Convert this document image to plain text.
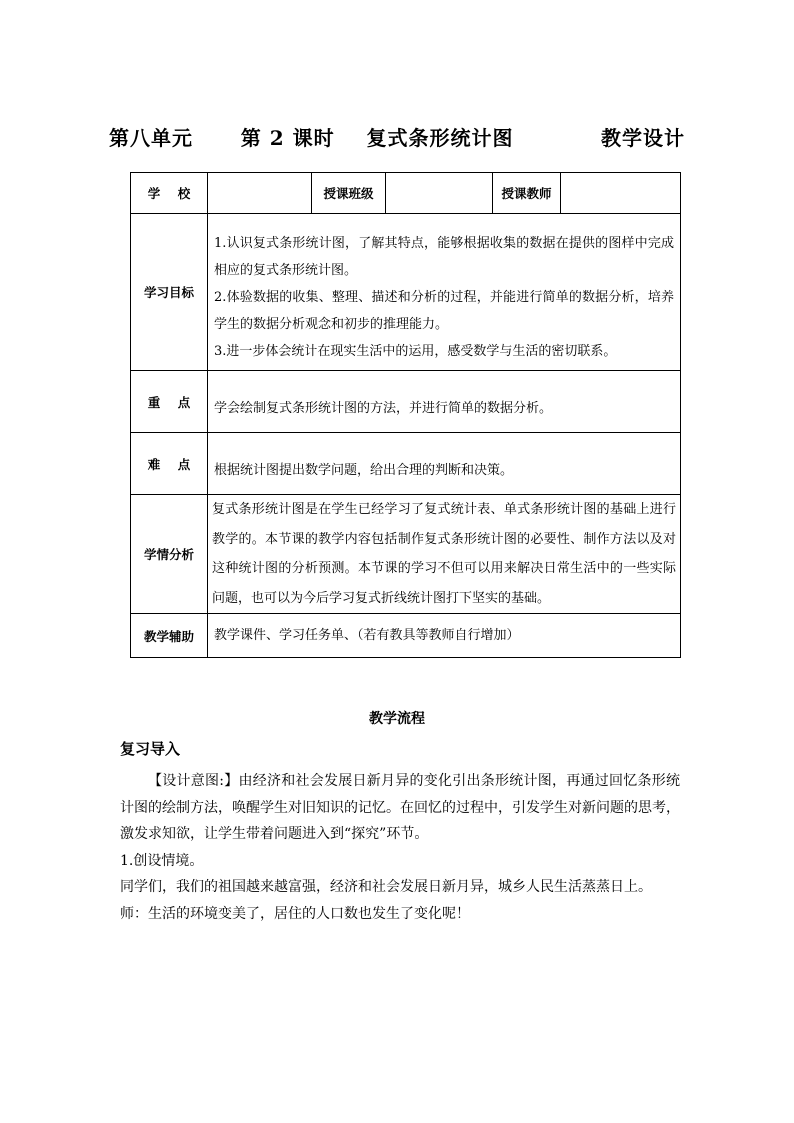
第八单元      第 2 课时    复式条形统计图           教学设计
学    校		授课班级		授课教师	
学习目标	1.认识复式条形统计图，了解其特点，能够根据收集的数据在提供的图样中完成相应的复式条形统计图。

2.体验数据的收集、整理、描述和分析的过程，并能进行简单的数据分析，培养学生的数据分析观念和初步的推理能力。

3.进一步体会统计在现实生活中的运用，感受数学与生活的密切联系。				

重    点	学会绘制复式条形统计图的方法，并进行简单的数据分析。				

难    点	根据统计图提出数学问题，给出合理的判断和决策。				

学情分析	复式条形统计图是在学生已经学习了复式统计表、单式条形统计图的基础上进行教学的。本节课的教学内容包括制作复式条形统计图的必要性、制作方法以及对这种统计图的分析预测。本节课的学习不但可以用来解决日常生活中的一些实际问题，也可以为今后学习复式折线统计图打下坚实的基础。				

教学辅助	教学课件、学习任务单、（若有教具等教师自行增加）				

教学流程
复习导入

【设计意图:】由经济和社会发展日新月异的变化引出条形统计图，再通过回忆条形统计图的绘制方法，唤醒学生对旧知识的记忆。在回忆的过程中，引发学生对新问题的思考，激发求知欲，让学生带着问题进入到“探究”环节。

1.创设情境。

同学们，我们的祖国越来越富强，经济和社会发展日新月异，城乡人民生活蒸蒸日上。

师：生活的环境变美了，居住的人口数也发生了变化呢！
